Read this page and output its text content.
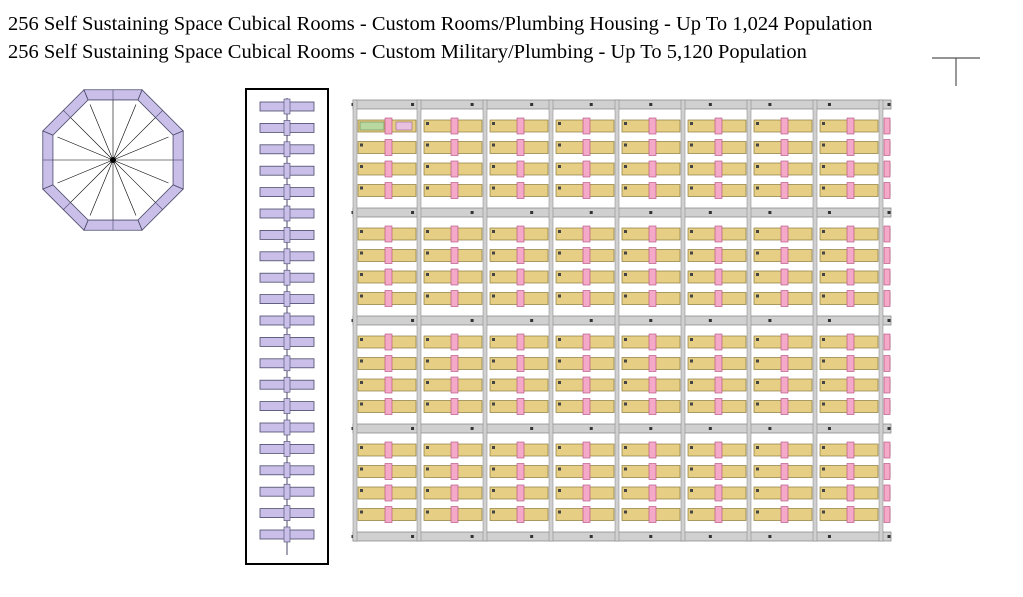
256 Self Sustaining Space Cubical Rooms - Custom Rooms/Plumbing Housing - Up To 1,024 Population
256 Self Sustaining Space Cubical Rooms - Custom Military/Plumbing - Up To 5,120 Population
